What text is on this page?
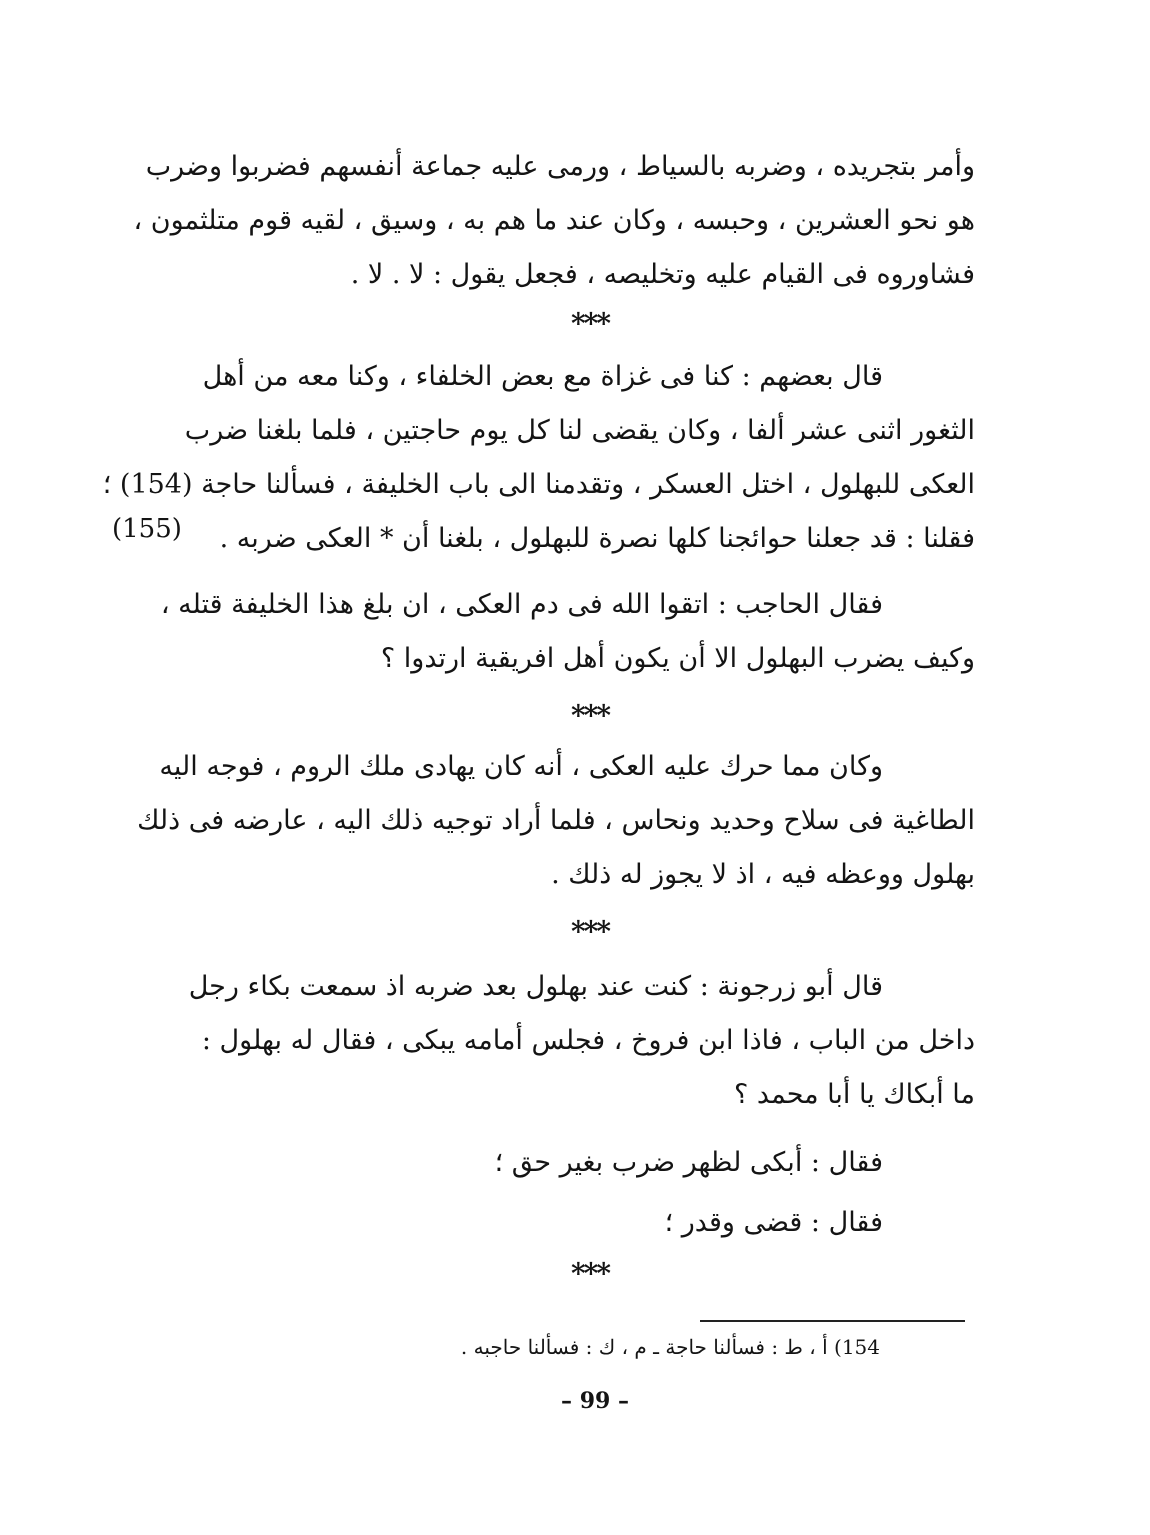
وأمر بتجريده ، وضربه بالسياط ، ورمى عليه جماعة أنفسهم فضربوا وضرب
هو نحو العشرين ، وحبسه ، وكان عند ما هم به ، وسيق ، لقيه قوم متلثمون ،
فشاوروه فى القيام عليه وتخليصه ، فجعل يقول : لا . لا .
***
قال بعضهم : كنا فى غزاة مع بعض الخلفاء ، وكنا معه من أهل
الثغور اثنى عشر ألفا ، وكان يقضى لنا كل يوم حاجتين ، فلما بلغنا ضرب
العكى للبهلول ، اختل العسكر ، وتقدمنا الى باب الخليفة ، فسألنا حاجة (154) ؛
فقلنا : قد جعلنا حوائجنا كلها نصرة للبهلول ، بلغنا أن * العكى ضربه .
(155)
فقال الحاجب : اتقوا الله فى دم العكى ، ان بلغ هذا الخليفة قتله ،
وكيف يضرب البهلول الا أن يكون أهل افريقية ارتدوا ؟
***
وكان مما حرك عليه العكى ، أنه كان يهادى ملك الروم ، فوجه اليه
الطاغية فى سلاح وحديد ونحاس ، فلما أراد توجيه ذلك اليه ، عارضه فى ذلك
بهلول ووعظه فيه ، اذ لا يجوز له ذلك .
***
قال أبو زرجونة : كنت عند بهلول بعد ضربه اذ سمعت بكاء رجل
داخل من الباب ، فاذا ابن فروخ ، فجلس أمامه يبكى ، فقال له بهلول :
ما أبكاك يا أبا محمد ؟
فقال : أبكى لظهر ضرب بغير حق ؛
فقال : قضى وقدر ؛
***
154) أ ، ط : فسألنا حاجة ـ م ، ك : فسألنا حاجبه .
– 99 –
